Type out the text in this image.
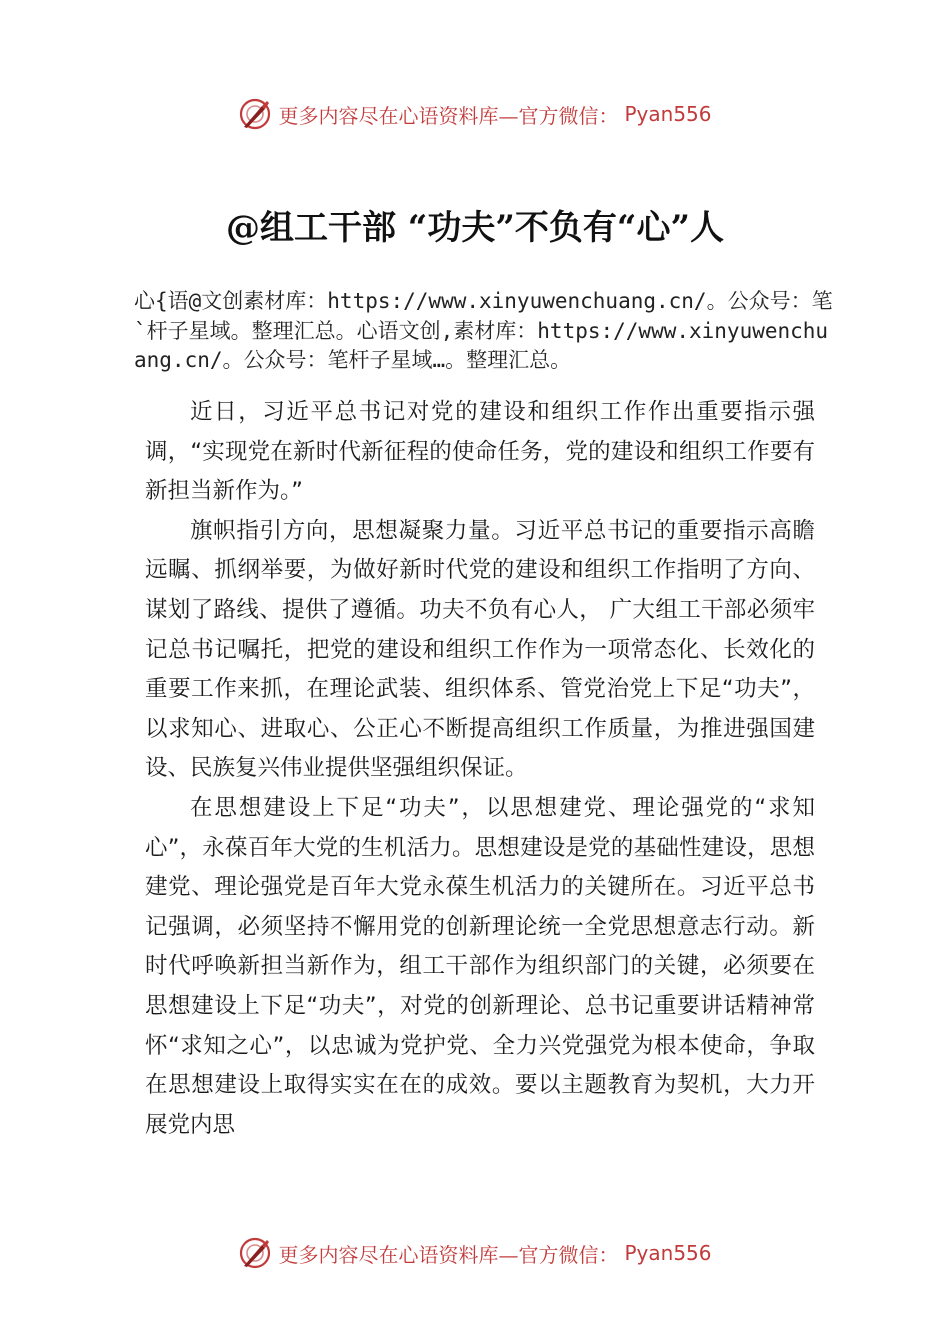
更多内容尽在心语资料库—官方微信： Pyan556
@组工干部 “功夫”不负有“心”人
心{语@文创素材库：https://www.xinyuwenchuang.cn/。公众号：笔`杆子星域。整理汇总。心语文创,素材库：https://www.xinyuwenchuang.cn/。公众号：笔杆子星域…。整理汇总。

近日，习近平总书记对党的建设和组织工作作出重要指示强调，“实现党在新时代新征程的使命任务，党的建设和组织工作要有新担当新作为。”

旗帜指引方向，思想凝聚力量。习近平总书记的重要指示高瞻远瞩、抓纲举要，为做好新时代党的建设和组织工作指明了方向、谋划了路线、提供了遵循。功夫不负有心人， 广大组工干部必须牢记总书记嘱托，把党的建设和组织工作作为一项常态化、长效化的重要工作来抓，在理论武装、组织体系、管党治党上下足“功夫”，以求知心、进取心、公正心不断提高组织工作质量，为推进强国建设、民族复兴伟业提供坚强组织保证。

在思想建设上下足“功夫”，以思想建党、理论强党的“求知心”，永葆百年大党的生机活力。思想建设是党的基础性建设，思想建党、理论强党是百年大党永葆生机活力的关键所在。习近平总书记强调，必须坚持不懈用党的创新理论统一全党思想意志行动。新时代呼唤新担当新作为，组工干部作为组织部门的关键，必须要在思想建设上下足“功夫”，对党的创新理论、总书记重要讲话精神常怀“求知之心”，以忠诚为党护党、全力兴党强党为根本使命，争取在思想建设上取得实实在在的成效。要以主题教育为契机，大力开展党内思

更多内容尽在心语资料库—官方微信： Pyan556
